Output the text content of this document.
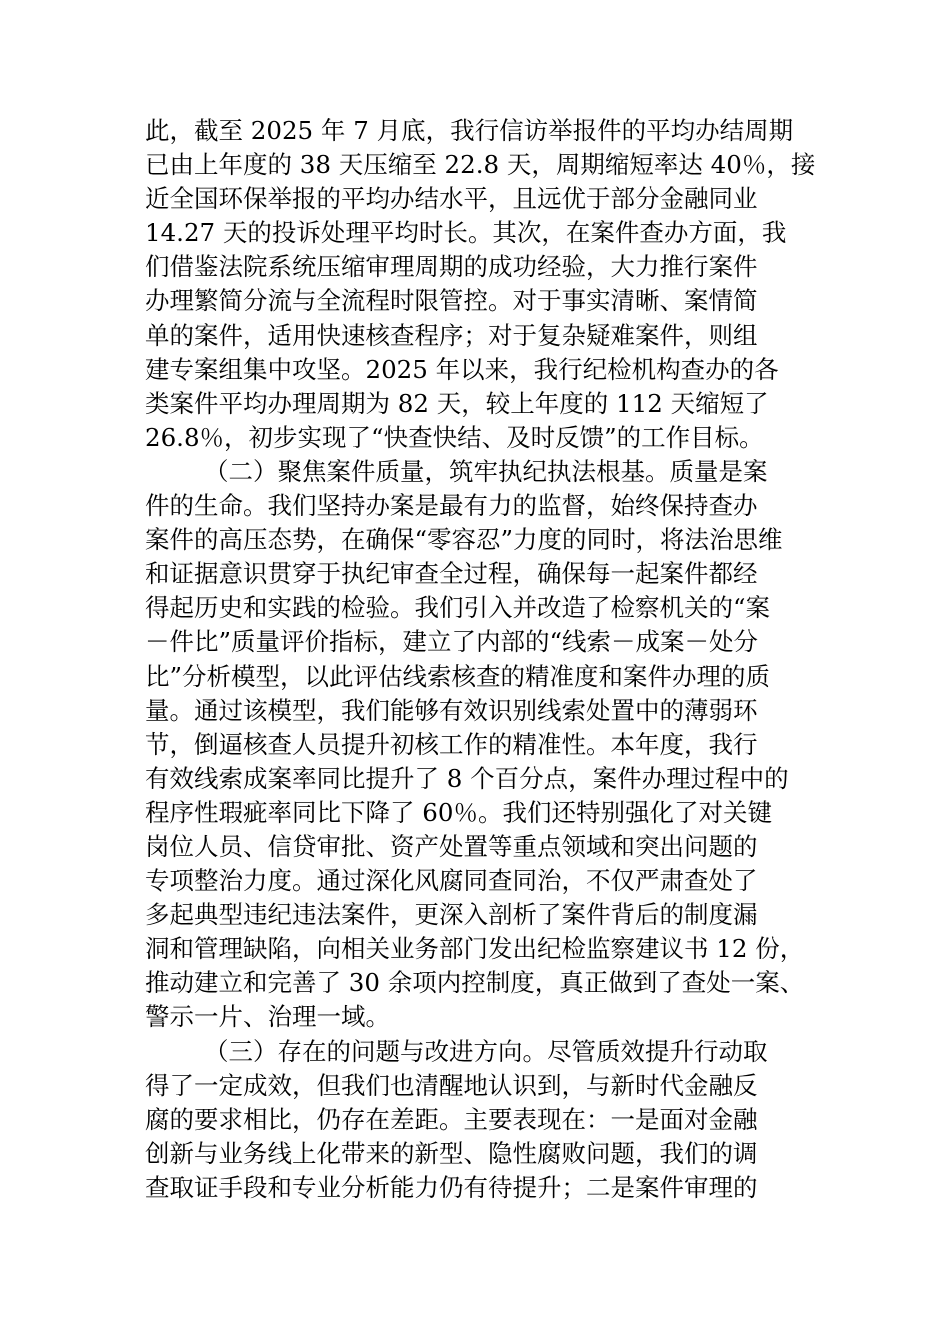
此，截至 2025 年 7 月底，我行信访举报件的平均办结周期
已由上年度的 38 天压缩至 22.8 天，周期缩短率达 40％，接
近全国环保举报的平均办结水平，且远优于部分金融同业
14.27 天的投诉处理平均时长。其次，在案件查办方面，我
们借鉴法院系统压缩审理周期的成功经验，大力推行案件
办理繁简分流与全流程时限管控。对于事实清晰、案情简
单的案件，适用快速核查程序；对于复杂疑难案件，则组
建专案组集中攻坚。2025 年以来，我行纪检机构查办的各
类案件平均办理周期为 82 天，较上年度的 112 天缩短了
26.8％，初步实现了“快查快结、及时反馈”的工作目标。
（二）聚焦案件质量，筑牢执纪执法根基。质量是案
件的生命。我们坚持办案是最有力的监督，始终保持查办
案件的高压态势，在确保“零容忍”力度的同时，将法治思维
和证据意识贯穿于执纪审查全过程，确保每一起案件都经
得起历史和实践的检验。我们引入并改造了检察机关的“案
－件比”质量评价指标，建立了内部的“线索－成案－处分
比”分析模型，以此评估线索核查的精准度和案件办理的质
量。通过该模型，我们能够有效识别线索处置中的薄弱环
节，倒逼核查人员提升初核工作的精准性。本年度，我行
有效线索成案率同比提升了 8 个百分点，案件办理过程中的
程序性瑕疵率同比下降了 60％。我们还特别强化了对关键
岗位人员、信贷审批、资产处置等重点领域和突出问题的
专项整治力度。通过深化风腐同查同治，不仅严肃查处了
多起典型违纪违法案件，更深入剖析了案件背后的制度漏
洞和管理缺陷，向相关业务部门发出纪检监察建议书 12 份，
推动建立和完善了 30 余项内控制度，真正做到了查处一案、
警示一片、治理一域。
（三）存在的问题与改进方向。尽管质效提升行动取
得了一定成效，但我们也清醒地认识到，与新时代金融反
腐的要求相比，仍存在差距。主要表现在：一是面对金融
创新与业务线上化带来的新型、隐性腐败问题，我们的调
查取证手段和专业分析能力仍有待提升；二是案件审理的
